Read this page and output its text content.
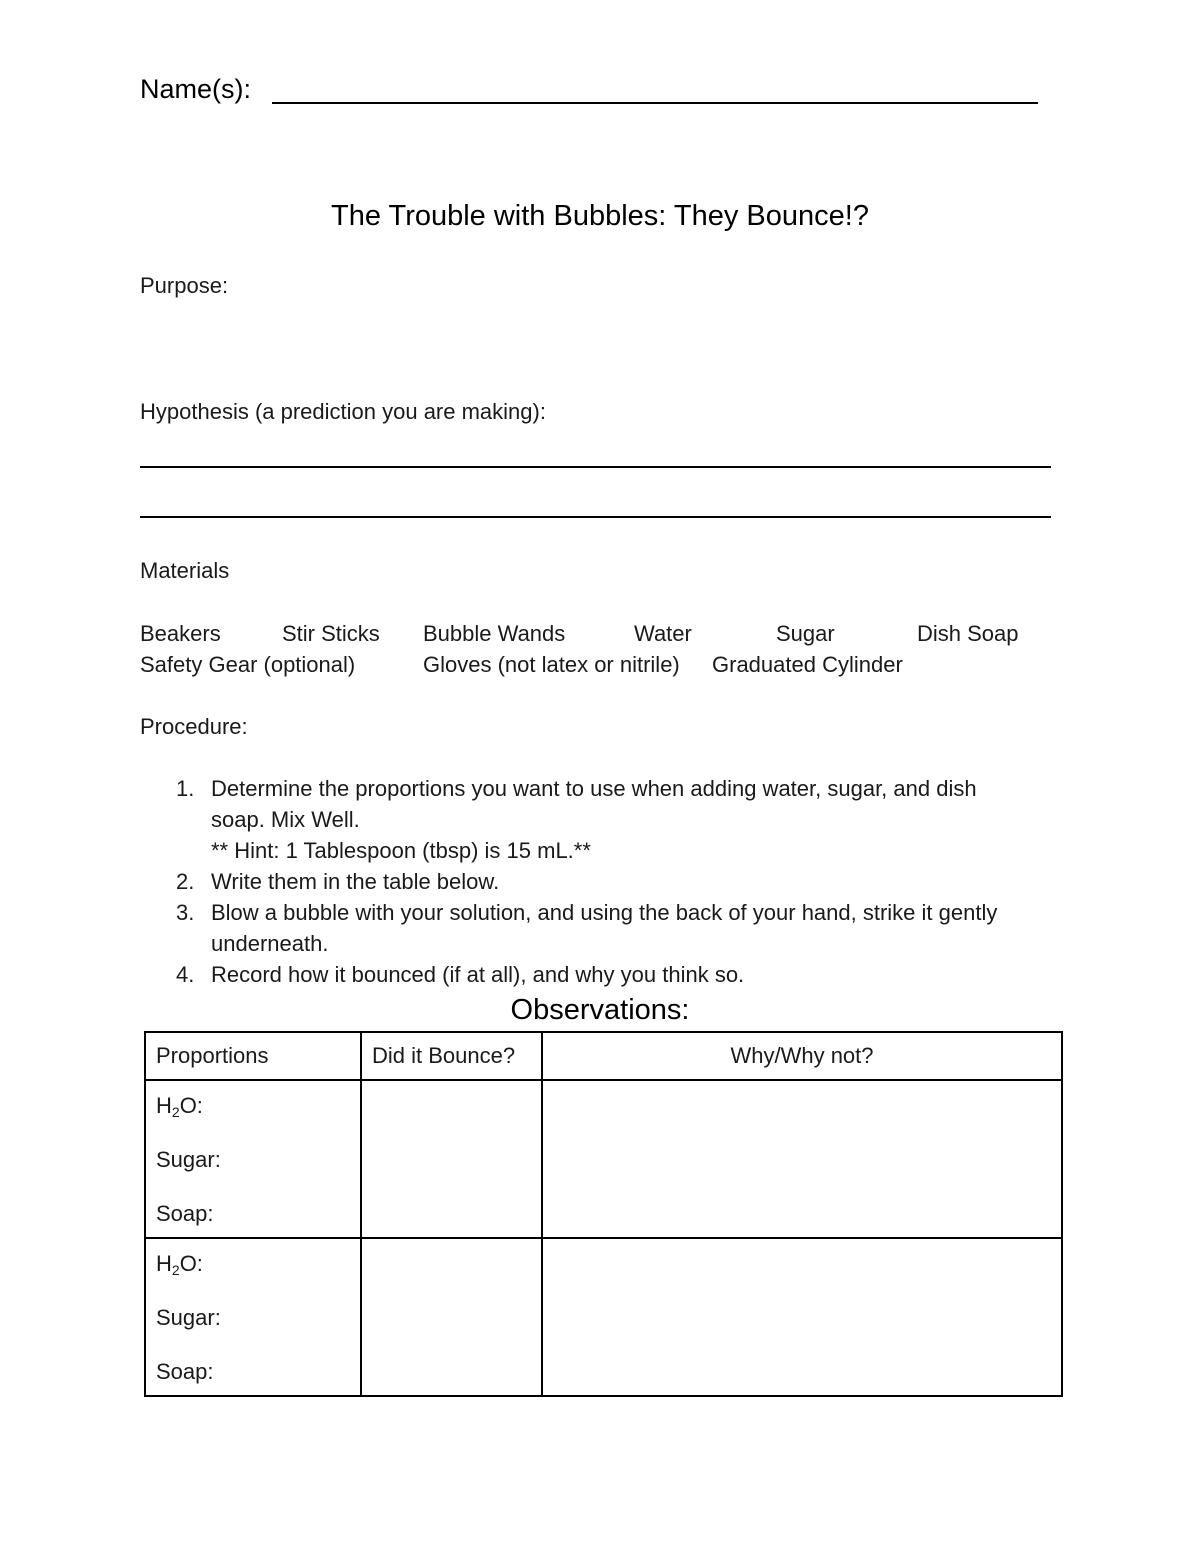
Name(s):
The Trouble with Bubbles: They Bounce!?
Purpose:
Hypothesis (a prediction you are making):
Materials
Beakers	Stir Sticks Bubble Wands	Water	Sugar	Dish Soap
Safety Gear (optional)	Gloves (not latex or nitrile) Graduated Cylinder
Procedure:
1. Determine the proportions you want to use when adding water, sugar, and dish
soap. Mix Well.
** Hint: 1 Tablespoon (tbsp) is 15 mL.**
2. Write them in the table below.
3. Blow a bubble with your solution, and using the back of your hand, strike it gently
underneath.
4. Record how it bounced (if at all), and why you think so.
Observations:
Proportions	Did it Bounce?	Why/Why not?

$H_2O$:
Sugar:
Soap:		

$H_2O$:
Sugar:
Soap:		
